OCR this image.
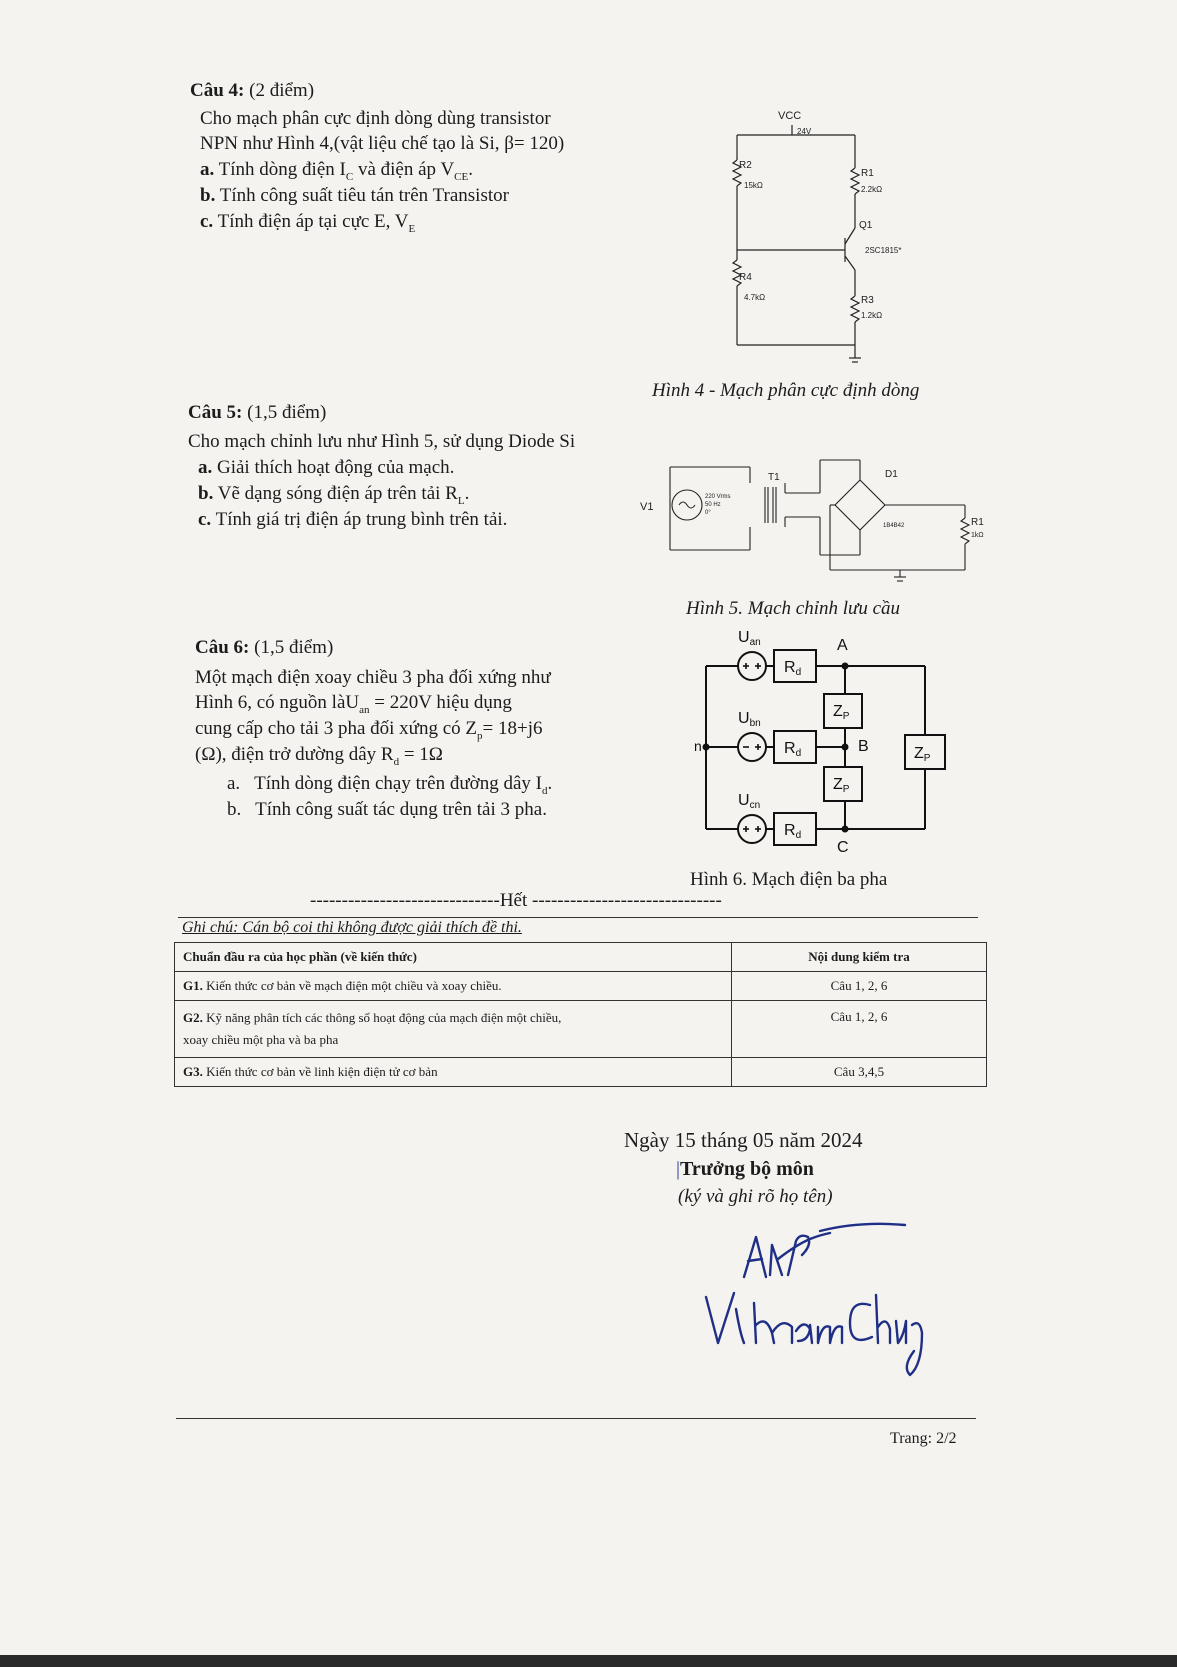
Câu 4: (2 điểm)
Cho mạch phân cực định dòng dùng transistor
NPN như Hình 4,(vật liệu chế tạo là Si, β= 120)
a. Tính dòng điện $I_C$ và điện áp $V_{CE}$.
b. Tính công suất tiêu tán trên Transistor
c. Tính điện áp tại cực E, $V_E$
VCC
24V
R2
15kΩ
R1
2.2kΩ
Q1
2SC1815*
R4
4.7kΩ	R3
1.2kΩ
Hình 4 - Mạch phân cực định dòng
Câu 5: (1,5 điểm)
Cho mạch chỉnh lưu như Hình 5, sử dụng Diode Si
a. Giải thích hoạt động của mạch.
b. Vẽ dạng sóng điện áp trên tải $R_L$.
c. Tính giá trị điện áp trung bình trên tải.
V1
220 Vrms
50 Hz
0°
T1	D1
1B4B42	R1
1kΩ
Hình 5. Mạch chỉnh lưu cầu
Câu 6: (1,5 điểm)
Một mạch điện xoay chiều 3 pha đối xứng như
Hình 6, có nguồn làU$_{an}$ = 220V hiệu dụng
cung cấp cho tải 3 pha đối xứng có $Z_p= 18+j6$
(Ω), điện trở dường dây $R_d = 1\Omega$
a. Tính dòng điện chạy trên đường dây $I_d$.
b. Tính công suất tác dụng trên tải 3 pha.
Uan
Ubn
Ucn
Rd
Rd
Rd
ZP
ZP
ZP
A
B
C
n
Hình 6. Mạch điện ba pha
------------------------------Hết ------------------------------
Ghi chú: Cán bộ coi thi không được giải thích đề thi.
Chuẩn đầu ra của học phần (về kiến thức)	Nội dung kiểm tra
G1. Kiến thức cơ bản về mạch điện một chiều và xoay chiều.	Câu 1, 2, 6
G2. Kỹ năng phân tích các thông số hoạt động của mạch điện một chiều,
xoay chiều một pha và ba pha	Câu 1, 2, 6
G3. Kiến thức cơ bản về linh kiện điện tử cơ bản	Câu 3,4,5
Ngày 15 tháng 05 năm 2024
|Trưởng bộ môn
(ký và ghi rõ họ tên)
Trang: 2/2
